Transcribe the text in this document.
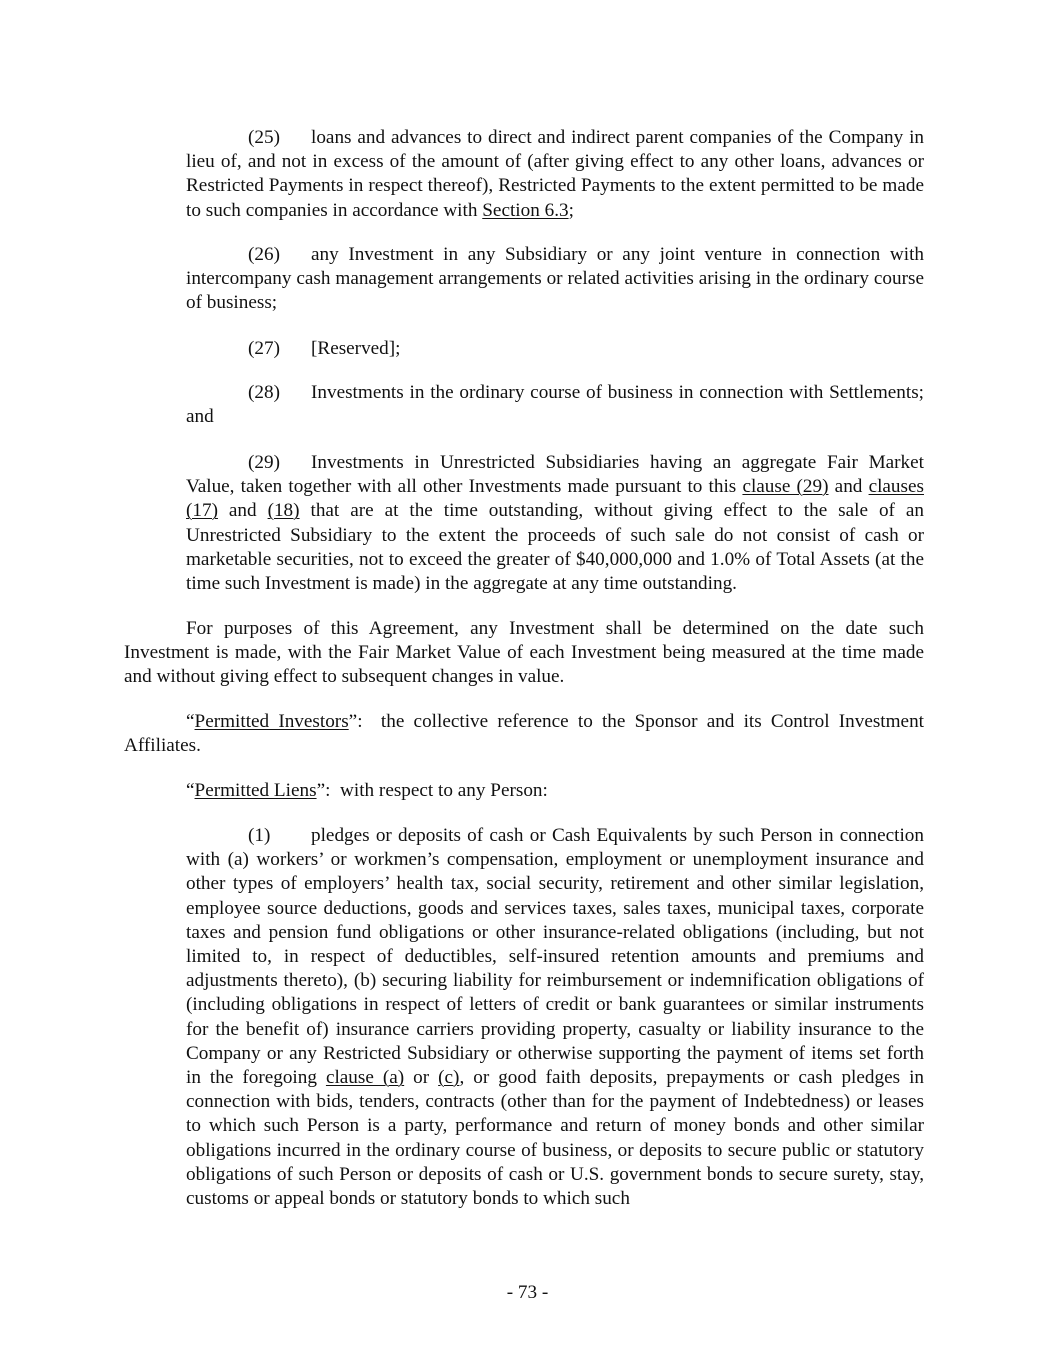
(25) loans and advances to direct and indirect parent companies of the Company in lieu of, and not in excess of the amount of (after giving effect to any other loans, advances or Restricted Payments in respect thereof), Restricted Payments to the extent permitted to be made to such companies in accordance with Section 6.3;

(26) any Investment in any Subsidiary or any joint venture in connection with intercompany cash management arrangements or related activities arising in the ordinary course of business;

(27) [Reserved];

(28) Investments in the ordinary course of business in connection with Settlements; and

(29) Investments in Unrestricted Subsidiaries having an aggregate Fair Market Value, taken together with all other Investments made pursuant to this clause (29) and clauses (17) and (18) that are at the time outstanding, without giving effect to the sale of an Unrestricted Subsidiary to the extent the proceeds of such sale do not consist of cash or marketable securities, not to exceed the greater of $40,000,000 and 1.0% of Total Assets (at the time such Investment is made) in the aggregate at any time outstanding.

For purposes of this Agreement, any Investment shall be determined on the date such Investment is made, with the Fair Market Value of each Investment being measured at the time made and without giving effect to subsequent changes in value.

“Permitted Investors”: the collective reference to the Sponsor and its Control Investment Affiliates.

“Permitted Liens”: with respect to any Person:

(1) pledges or deposits of cash or Cash Equivalents by such Person in connection with (a) workers’ or workmen’s compensation, employment or unemployment insurance and other types of employers’ health tax, social security, retirement and other similar legislation, employee source deductions, goods and services taxes, sales taxes, municipal taxes, corporate taxes and pension fund obligations or other insurance-related obligations (including, but not limited to, in respect of deductibles, self-insured retention amounts and premiums and adjustments thereto), (b) securing liability for reimbursement or indemnification obligations of (including obligations in respect of letters of credit or bank guarantees or similar instruments for the benefit of) insurance carriers providing property, casualty or liability insurance to the Company or any Restricted Subsidiary or otherwise supporting the payment of items set forth in the foregoing clause (a) or (c), or good faith deposits, prepayments or cash pledges in connection with bids, tenders, contracts (other than for the payment of Indebtedness) or leases to which such Person is a party, performance and return of money bonds and other similar obligations incurred in the ordinary course of business, or deposits to secure public or statutory obligations of such Person or deposits of cash or U.S. government bonds to secure surety, stay, customs or appeal bonds or statutory bonds to which such

- 73 -
